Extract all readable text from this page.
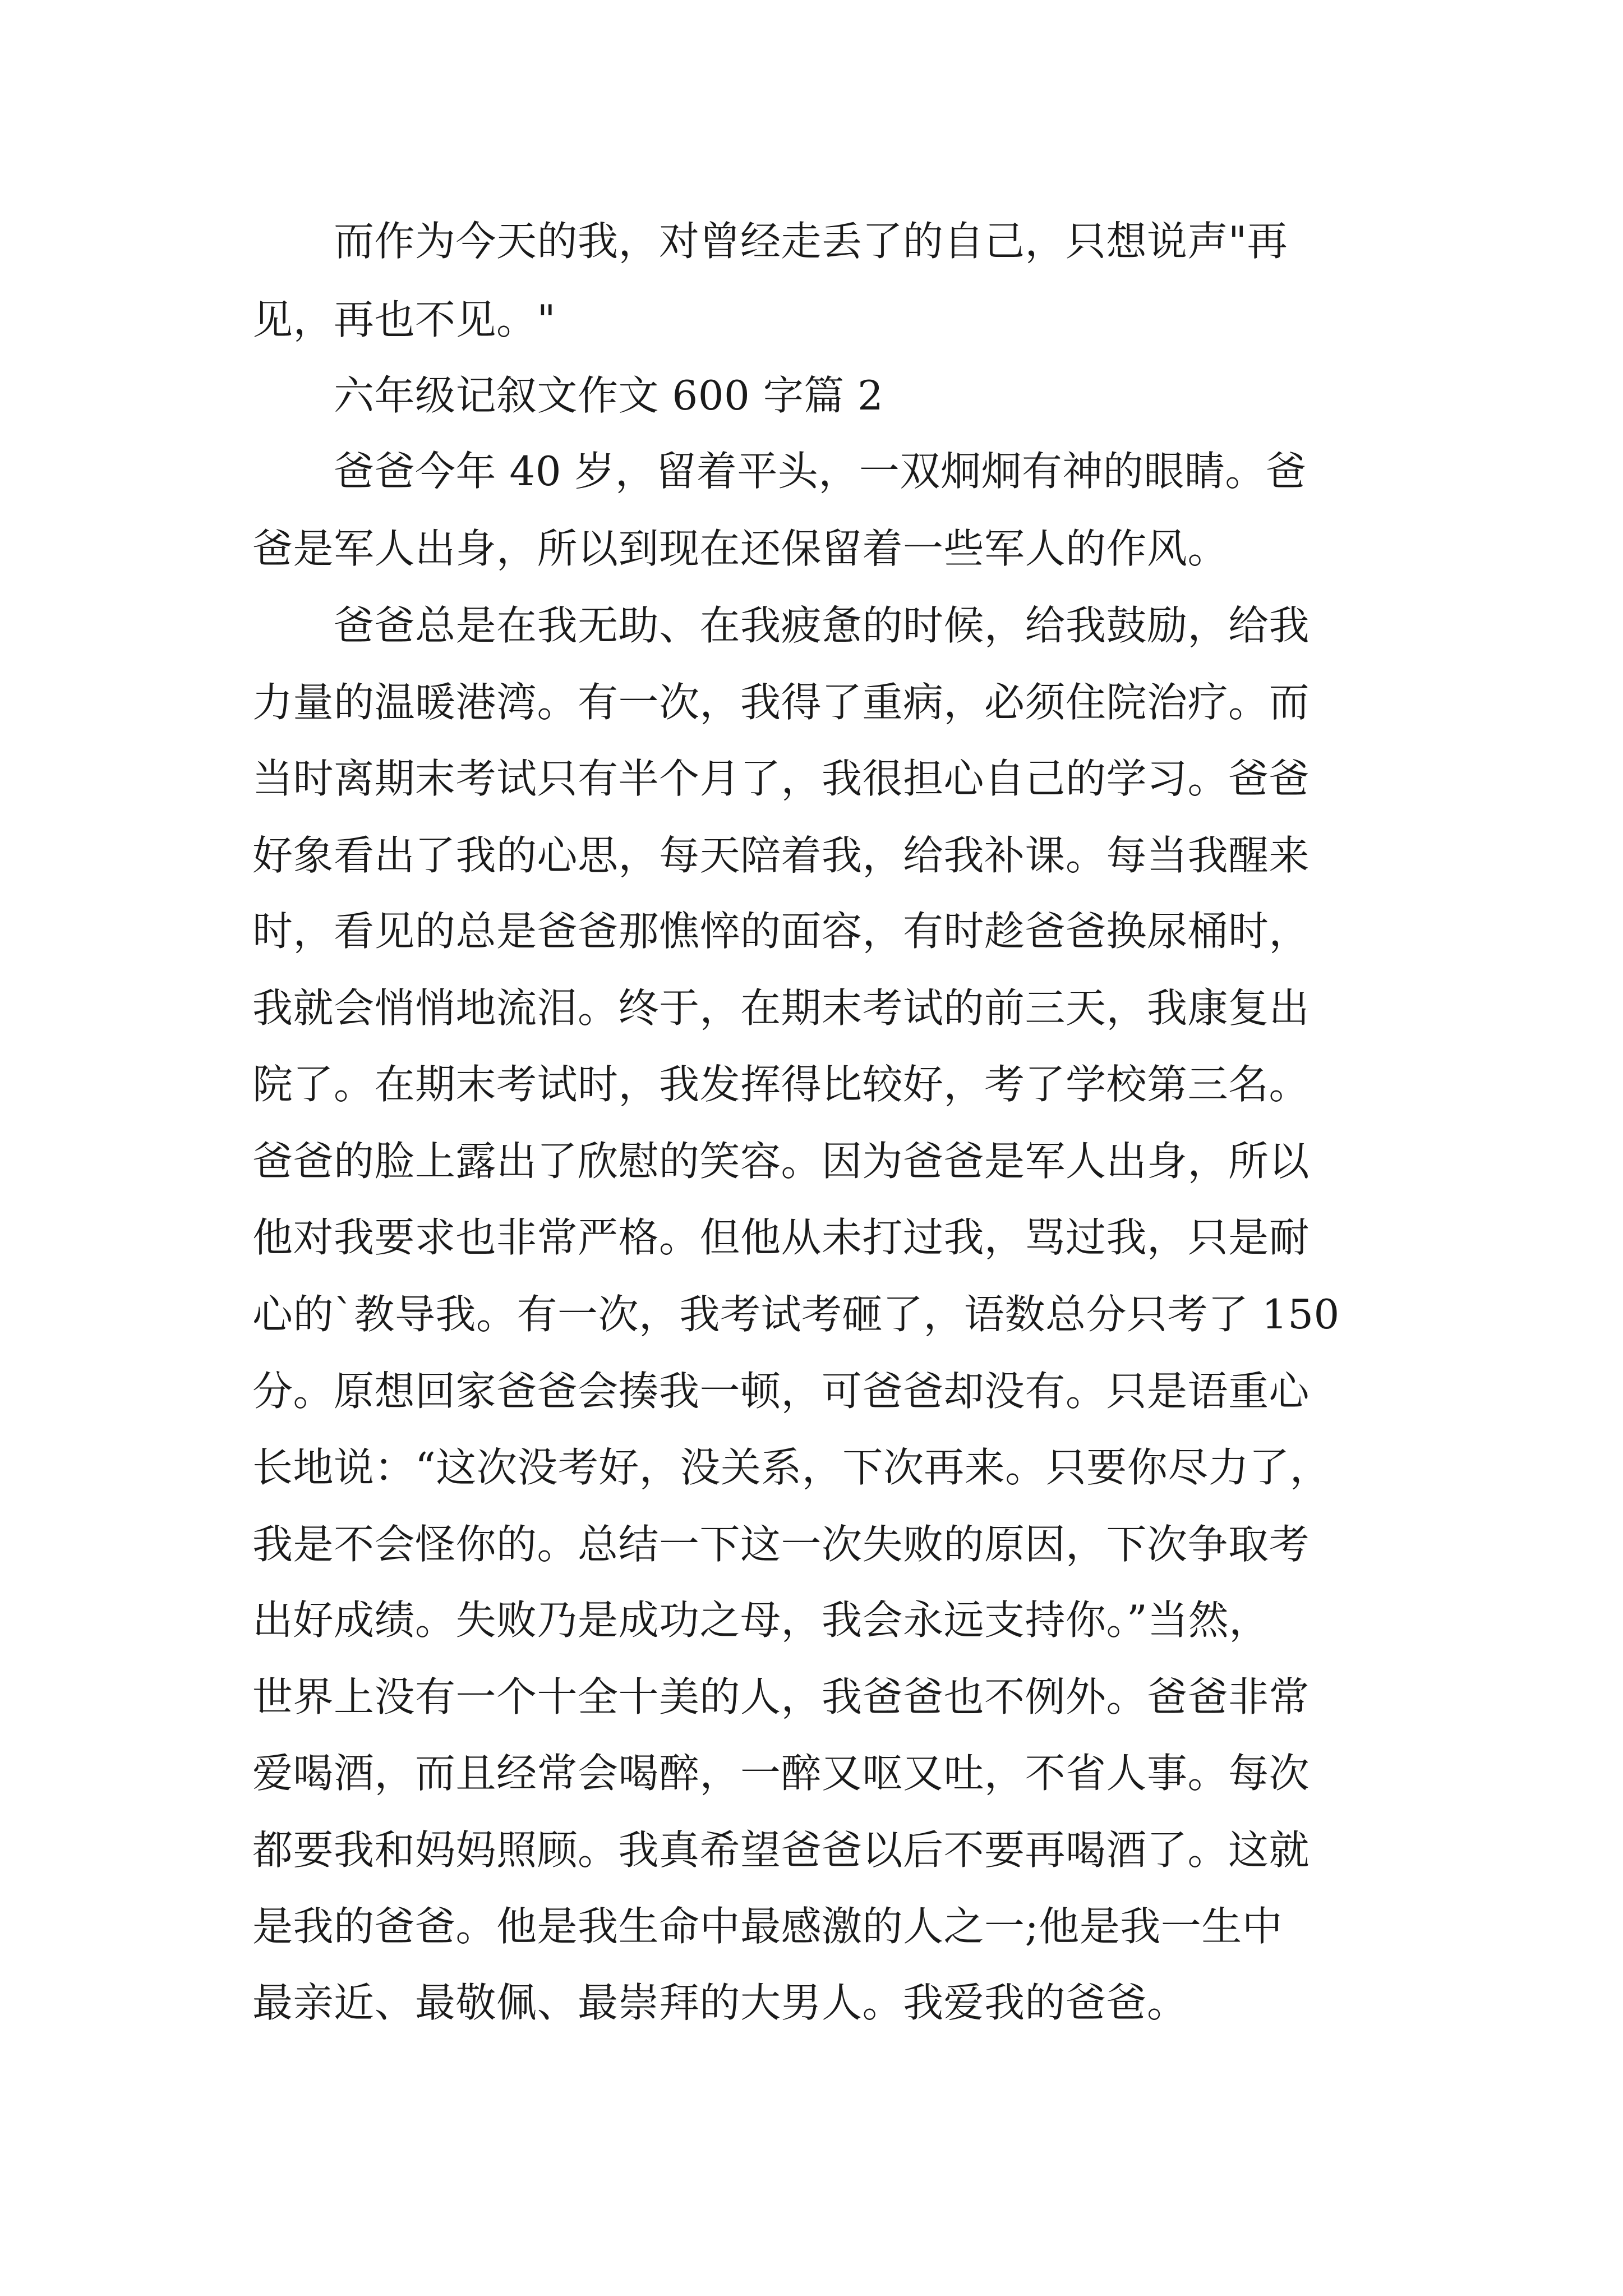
而作为今天的我，对曾经走丢了的自己，只想说声"再
见，再也不见。"
六年级记叙文作文 600 字篇 2
爸爸今年 40 岁，留着平头，一双炯炯有神的眼睛。爸
爸是军人出身，所以到现在还保留着一些军人的作风。
爸爸总是在我无助、在我疲惫的时候，给我鼓励，给我
力量的温暖港湾。有一次，我得了重病，必须住院治疗。而
当时离期末考试只有半个月了，我很担心自己的学习。爸爸
好象看出了我的心思，每天陪着我，给我补课。每当我醒来
时，看见的总是爸爸那憔悴的面容，有时趁爸爸换尿桶时，
我就会悄悄地流泪。终于，在期末考试的前三天，我康复出
院了。在期末考试时，我发挥得比较好，考了学校第三名。
爸爸的脸上露出了欣慰的笑容。因为爸爸是军人出身，所以
他对我要求也非常严格。但他从未打过我，骂过我，只是耐
心的`教导我。有一次，我考试考砸了，语数总分只考了 150
分。原想回家爸爸会揍我一顿，可爸爸却没有。只是语重心
长地说：“这次没考好，没关系，下次再来。只要你尽力了，
我是不会怪你的。总结一下这一次失败的原因，下次争取考
出好成绩。失败乃是成功之母，我会永远支持你。”当然，
世界上没有一个十全十美的人，我爸爸也不例外。爸爸非常
爱喝酒，而且经常会喝醉，一醉又呕又吐，不省人事。每次
都要我和妈妈照顾。我真希望爸爸以后不要再喝酒了。这就
是我的爸爸。他是我生命中最感激的人之一;他是我一生中
最亲近、最敬佩、最崇拜的大男人。我爱我的爸爸。
